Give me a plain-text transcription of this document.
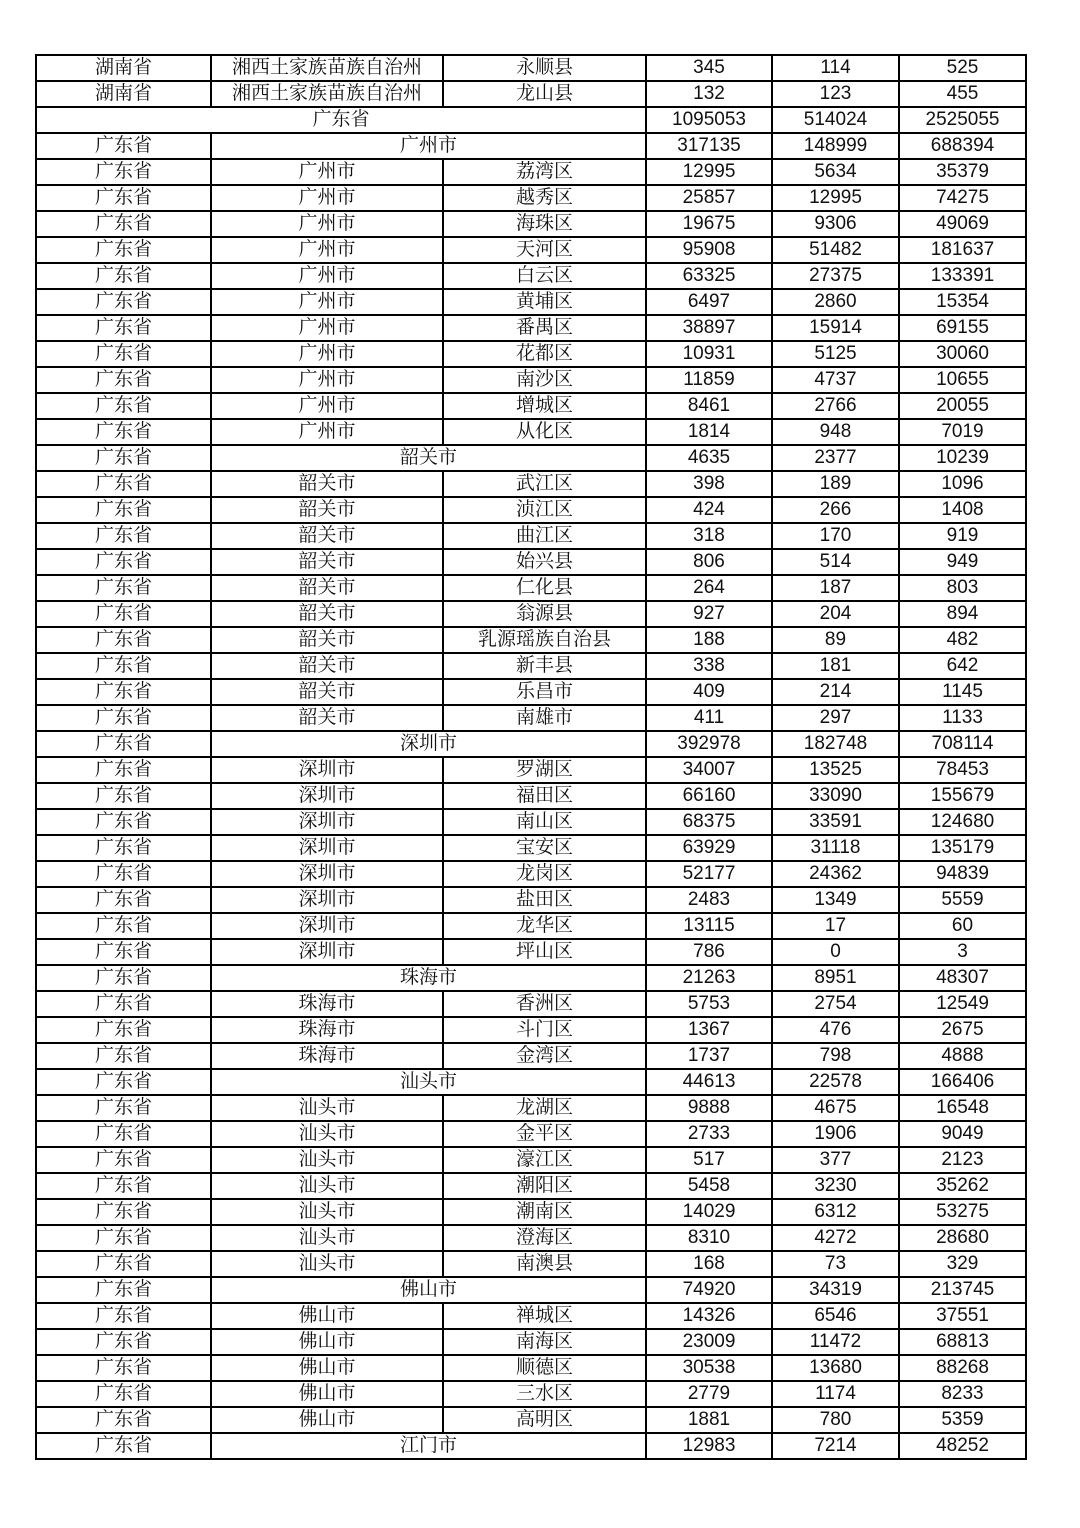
湖南省	湘西土家族苗族自治州	永顺县	345	114	525
湖南省	湘西土家族苗族自治州	龙山县	132	123	455
广东省			1095053	514024	2525055
广东省	广州市		317135	148999	688394
广东省	广州市	荔湾区	12995	5634	35379
广东省	广州市	越秀区	25857	12995	74275
广东省	广州市	海珠区	19675	9306	49069
广东省	广州市	天河区	95908	51482	181637
广东省	广州市	白云区	63325	27375	133391
广东省	广州市	黄埔区	6497	2860	15354
广东省	广州市	番禺区	38897	15914	69155
广东省	广州市	花都区	10931	5125	30060
广东省	广州市	南沙区	11859	4737	10655
广东省	广州市	增城区	8461	2766	20055
广东省	广州市	从化区	1814	948	7019
广东省	韶关市		4635	2377	10239
广东省	韶关市	武江区	398	189	1096
广东省	韶关市	浈江区	424	266	1408
广东省	韶关市	曲江区	318	170	919
广东省	韶关市	始兴县	806	514	949
广东省	韶关市	仁化县	264	187	803
广东省	韶关市	翁源县	927	204	894
广东省	韶关市	乳源瑶族自治县	188	89	482
广东省	韶关市	新丰县	338	181	642
广东省	韶关市	乐昌市	409	214	1145
广东省	韶关市	南雄市	411	297	1133
广东省	深圳市		392978	182748	708114
广东省	深圳市	罗湖区	34007	13525	78453
广东省	深圳市	福田区	66160	33090	155679
广东省	深圳市	南山区	68375	33591	124680
广东省	深圳市	宝安区	63929	31118	135179
广东省	深圳市	龙岗区	52177	24362	94839
广东省	深圳市	盐田区	2483	1349	5559
广东省	深圳市	龙华区	13115	17	60
广东省	深圳市	坪山区	786	0	3
广东省	珠海市		21263	8951	48307
广东省	珠海市	香洲区	5753	2754	12549
广东省	珠海市	斗门区	1367	476	2675
广东省	珠海市	金湾区	1737	798	4888
广东省	汕头市		44613	22578	166406
广东省	汕头市	龙湖区	9888	4675	16548
广东省	汕头市	金平区	2733	1906	9049
广东省	汕头市	濠江区	517	377	2123
广东省	汕头市	潮阳区	5458	3230	35262
广东省	汕头市	潮南区	14029	6312	53275
广东省	汕头市	澄海区	8310	4272	28680
广东省	汕头市	南澳县	168	73	329
广东省	佛山市		74920	34319	213745
广东省	佛山市	禅城区	14326	6546	37551
广东省	佛山市	南海区	23009	11472	68813
广东省	佛山市	顺德区	30538	13680	88268
广东省	佛山市	三水区	2779	1174	8233
广东省	佛山市	高明区	1881	780	5359
广东省	江门市		12983	7214	48252
